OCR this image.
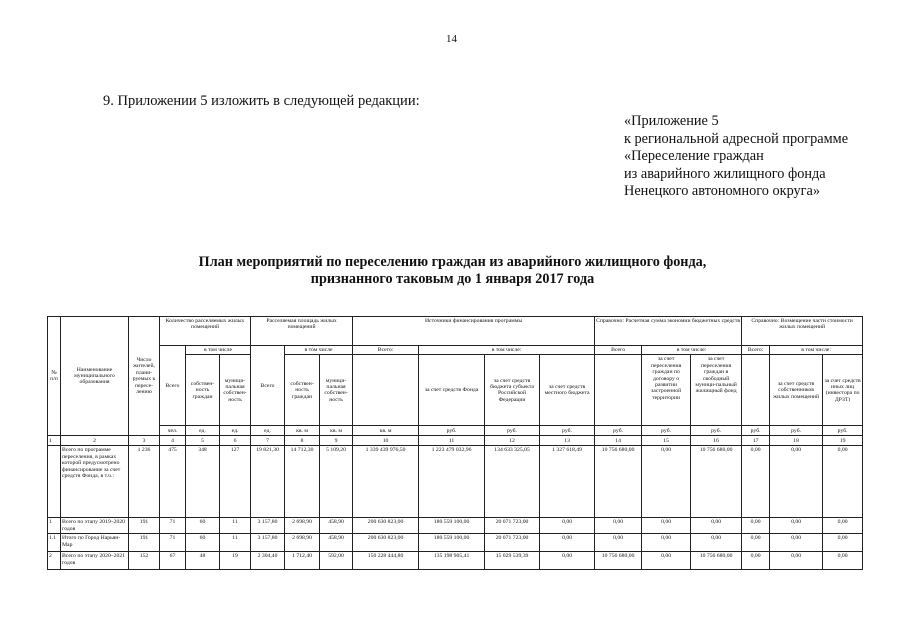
14
9. Приложении 5 изложить в следующей редакции:
«Приложение 5
к региональной адресной программе
«Переселение граждан
из аварийного жилищного фонда
Ненецкого автономного округа»
План мероприятий по переселению граждан из аварийного жилищного фонда,
признанного таковым до 1 января 2017 года
№ п/п	Наименование муниципального образования	Число жителей, плани-руемых к пересе-лению	Количество расселяемых жилых помещений			Расселяемая площадь жилых помещений			Источники финансирования программы				Справочно: Расчетная сумма экономии бюджетных средств			Справочно: Возмещение части стоимости жилых помещений			
			Всего	в том числе		Всего	в том числе		Всего:	в том числе:			Всего	в том числе:		Всего:	в том числе:		
				собствен-ность граждан	муници-пальная собствен-ность		собствен-ность граждан	муници-пальная собствен-ность		за счет средств Фонда	за счет средств бюджета субъекта Российской Федерации	за счет средств местного бюджета		за счет переселения граждан по договору о развитии застроенной территории	за счет переселения граждан в свободный муници-пальный жилищный фонд		за счет средств собственников жилых помещений	за счет средств иных лиц (инвестора по ДРЗТ)	
			чел.	ед.	ед.	ед.	кв. м	кв. м	кв. м	руб.	руб.	руб.	руб.	руб.	руб.	руб.	руб.	руб.	
1	2	3	4	5	6	7	8	9	10	11	12	13	14	15	16	17	18	19	
	Всего по программе переселения, в рамках которой предусмотрено финансирование за счет средств Фонда, в т.ч.:	1 236	475	348	127	19 821,30	14 712,30	5 109,20	1 339 439 976,50	1 223 479 032,96	134 633 325,05	1 327 618,49	10 756 680,00	0,00	10 756 680,00	0,00	0,00	0,00	
1	Всего по этапу 2019–2020 годов	191	71	60	11	3 157,80	2 698,90	458,90	200 630 823,00	180 559 100,00	20 071 723,00	0,00	0,00	0,00	0,00	0,00	0,00	0,00	
1.1	Итого по Город Нарьян-Мар	191	71	60	11	3 157,80	2 698,90	458,90	200 630 823,00	180 559 100,00	20 071 723,00	0,00	0,00	0,00	0,00	0,00	0,00	0,00	
2	Всего по этапу 2020–2021 годов	152	67	48	19	2 304,40	1 712,40	592,00	150 228 444,80	135 198 905,41	15 029 539,39	0,00	10 756 680,00	0,00	10 756 680,00	0,00	0,00	0,00	
